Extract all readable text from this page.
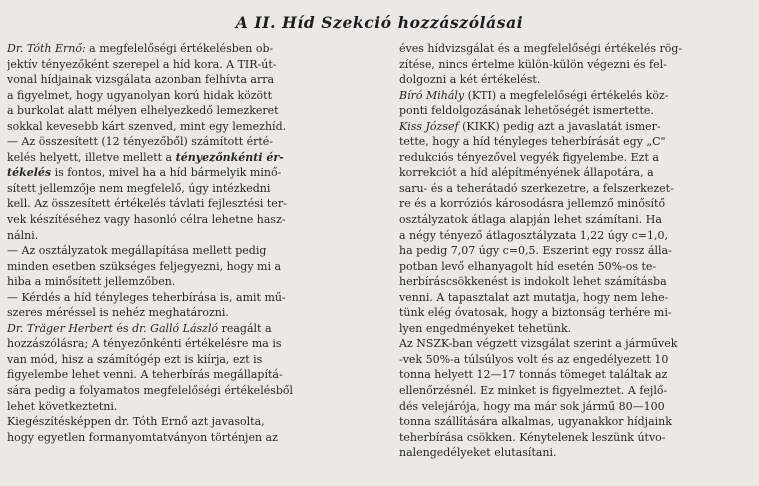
A II. Híd Szekció hozzászólásai
Dr. Tóth Ernő: a megfelelőségi értékelésben ob-
jektív tényezőként szerepel a híd kora. A TIR-út-
vonal hídjainak vizsgálata azonban felhívta arra
a figyelmet, hogy ugyanolyan korú hidak között
a burkolat alatt mélyen elhelyezkedő lemezkeret
sokkal kevesebb kárt szenved, mint egy lemezhíd.
— Az összesített (12 tényezőből) számított érté-
kelés helyett, illetve mellett a tényezőnkénti ér-
tékelés is fontos, mivel ha a híd bármelyik minő-
sített jellemzője nem megfelelő, úgy intézkedni
kell. Az összesített értékelés távlati fejlesztési ter-
vek készítéséhez vagy hasonló célra lehetne hasz-
nálni.
— Az osztályzatok megállapítása mellett pedig
minden esetben szükséges feljegyezni, hogy mi a
hiba a minősített jellemzőben.
— Kérdés a híd tényleges teherbírása is, amit mű-
szeres méréssel is nehéz meghatározni.
Dr. Träger Herbert és dr. Galló László reagált a
hozzászólásra; A tényezőnkénti értékelésre ma is
van mód, hisz a számítógép ezt is kiírja, ezt is
figyelembe lehet venni. A teherbírás megállapítá-
sára pedig a folyamatos megfelelőségi értékelésből
lehet következtetni.
Kiegészítésképpen dr. Tóth Ernő azt javasolta,
hogy egyetlen formanyomtatványon történjen az
éves hídvizsgálat és a megfelelőségi értékelés rög-
zítése, nincs értelme külön-külön végezni és fel-
dolgozni a két értékelést.
Bíró Mihály (KTI) a megfelelőségi értékelés köz-
ponti feldolgozásának lehetőségét ismertette.
Kiss József (KIKK) pedig azt a javaslatát ismer-
tette, hogy a híd tényleges teherbírását egy „C"
redukciós tényezővel vegyék figyelembe. Ezt a
korrekciót a híd alépítményének állapotára, a
saru- és a teherátadó szerkezetre, a felszerkezet-
re és a korróziós károsodásra jellemző minősítő
osztályzatok átlaga alapján lehet számítani. Ha
a négy tényező átlagosztályzata 1,22 úgy c=1,0,
ha pedig 7,07 úgy c=0,5. Eszerint egy rossz álla-
potban levő elhanyagolt híd esetén 50%-os te-
herbíráscsökkenést is indokolt lehet számításba
venni. A tapasztalat azt mutatja, hogy nem lehe-
tünk elég óvatosak, hogy a biztonság terhére mi-
lyen engedményeket tehetünk.
Az NSZK-ban végzett vizsgálat szerint a járművek
-vek 50%-a túlsúlyos volt és az engedélyezett 10
tonna helyett 12—17 tonnás tömeget találtak az
ellenőrzésnél. Ez minket is figyelmeztet. A fejlő-
dés velejárója, hogy ma már sok jármű 80—100
tonna szállítására alkalmas, ugyanakkor hídjaink
teherbírása csökken. Kénytelenek leszünk útvo-
nalengedélyeket elutasítani.
